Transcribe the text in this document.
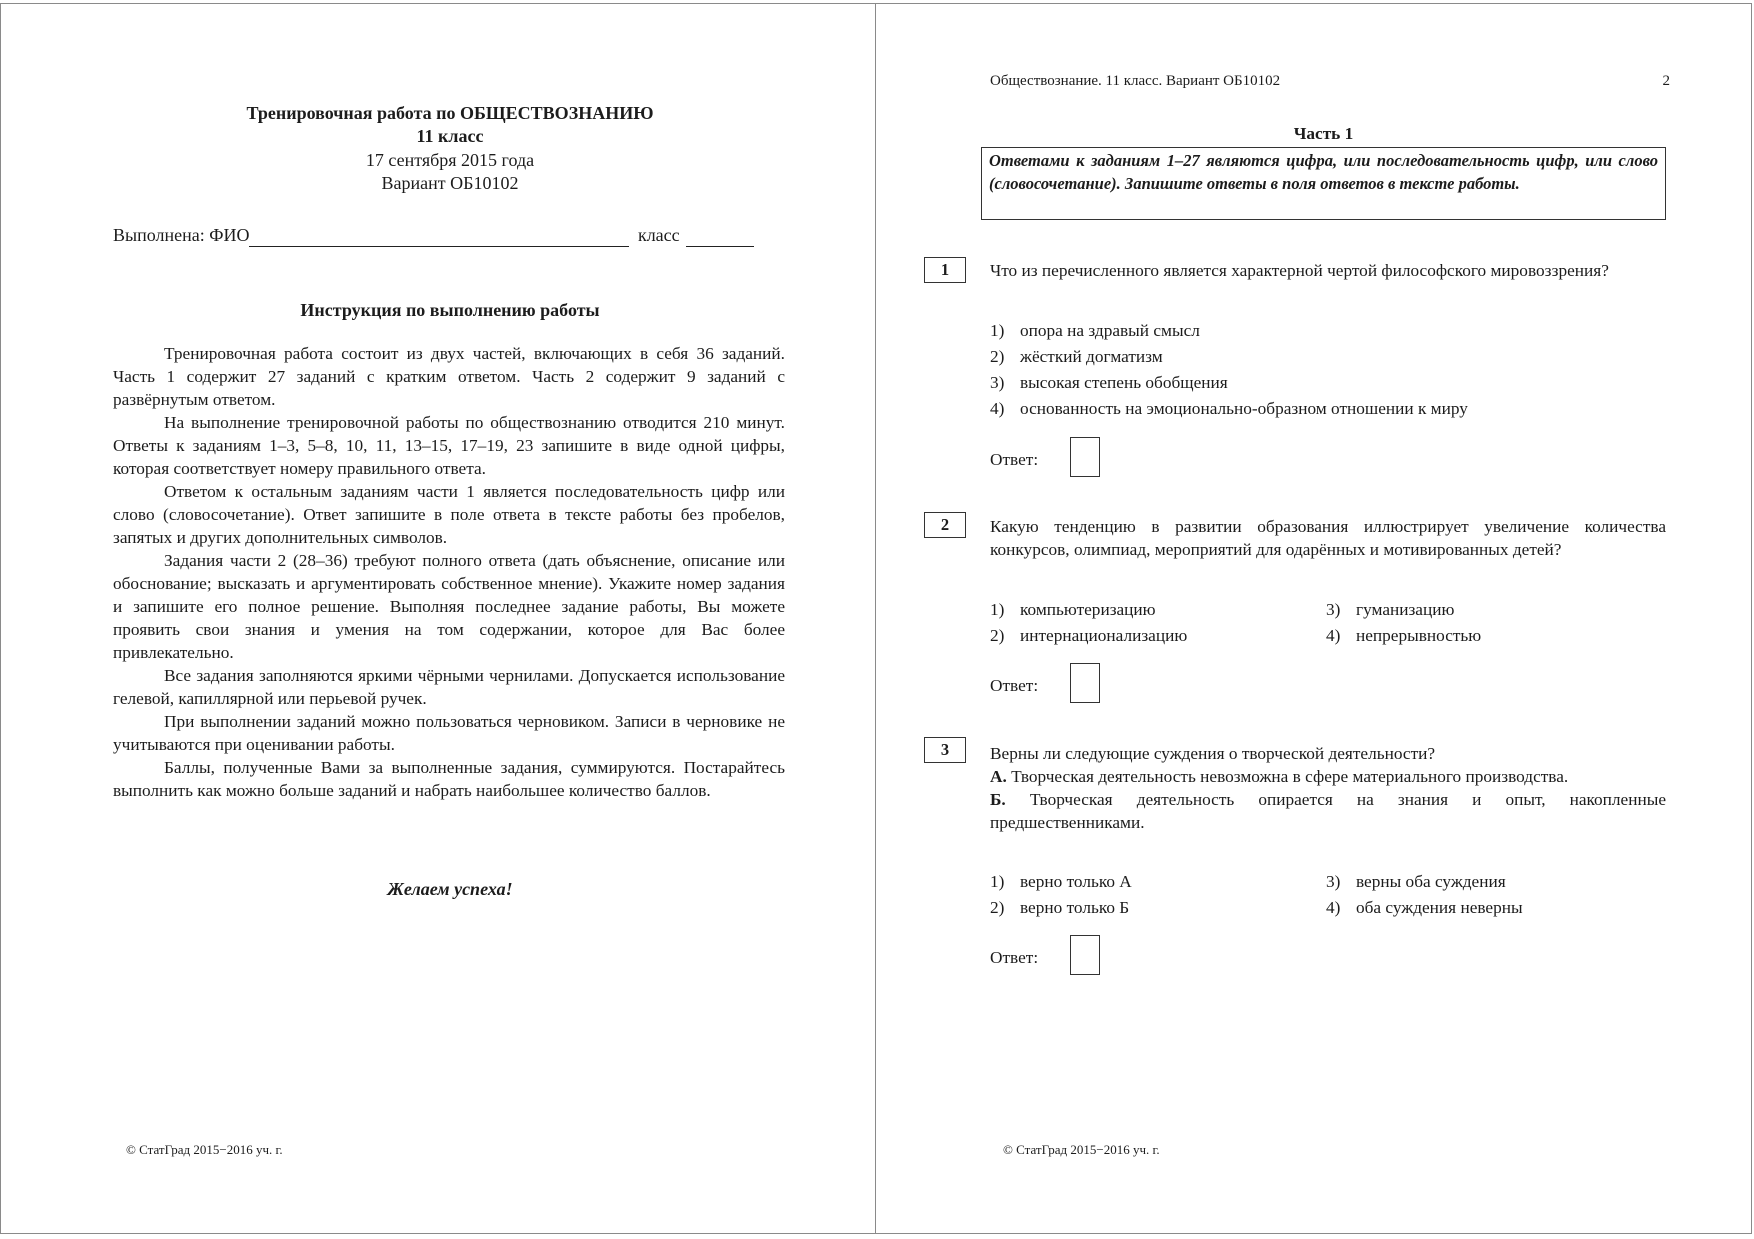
Тренировочная работа по ОБЩЕСТВОЗНАНИЮ
11 класс
17 сентября 2015 года
Вариант ОБ10102
Выполнена: ФИО	класс
Инструкция по выполнению работы

Тренировочная работа состоит из двух частей, включающих в себя 36 заданий. Часть 1 содержит 27 заданий с кратким ответом. Часть 2 содержит 9 заданий с развёрнутым ответом.

На выполнение тренировочной работы по обществознанию отводится 210 минут. Ответы к заданиям 1–3, 5–8, 10, 11, 13–15, 17–19, 23 запишите в виде одной цифры, которая соответствует номеру правильного ответа.

Ответом к остальным заданиям части 1 является последовательность цифр или слово (словосочетание). Ответ запишите в поле ответа в тексте работы без пробелов, запятых и других дополнительных символов.

Задания части 2 (28–36) требуют полного ответа (дать объяснение, описание или обоснование; высказать и аргументировать собственное мнение). Укажите номер задания и запишите его полное решение. Выполняя последнее задание работы, Вы можете проявить свои знания и умения на том содержании, которое для Вас более привлекательно.

Все задания заполняются яркими чёрными чернилами. Допускается использование гелевой, капиллярной или перьевой ручек.

При выполнении заданий можно пользоваться черновиком. Записи в черновике не учитываются при оценивании работы.

Баллы, полученные Вами за выполненные задания, суммируются. Постарайтесь выполнить как можно больше заданий и набрать наибольшее количество баллов.

Желаем успеха!
© СтатГрад 2015−2016 уч. г.
Обществознание. 11 класс. Вариант ОБ10102	2
Часть 1
Ответами к заданиям 1–27 являются цифра, или последовательность цифр, или слово (словосочетание). Запишите ответы в поля ответов в тексте работы.
1	Что из перечисленного является характерной чертой философского мировоззрения?
1) опора на здравый смысл
2) жёсткий догматизм
3) высокая степень обобщения
4) основанность на эмоционально-образном отношении к миру
Ответ:
2	Какую тенденцию в развитии образования иллюстрирует увеличение количества конкурсов, олимпиад, мероприятий для одарённых и мотивированных детей?
1) компьютеризацию
2) интернационализацию
3) гуманизацию
4) непрерывностью
Ответ:
3	Верны ли следующие суждения о творческой деятельности?

А. Творческая деятельность невозможна в сфере материального производства.

Б. Творческая деятельность опирается на знания и опыт, накопленные предшественниками.

1) верно только А
2) верно только Б
3) верны оба суждения
4) оба суждения неверны
Ответ:
© СтатГрад 2015−2016 уч. г.
